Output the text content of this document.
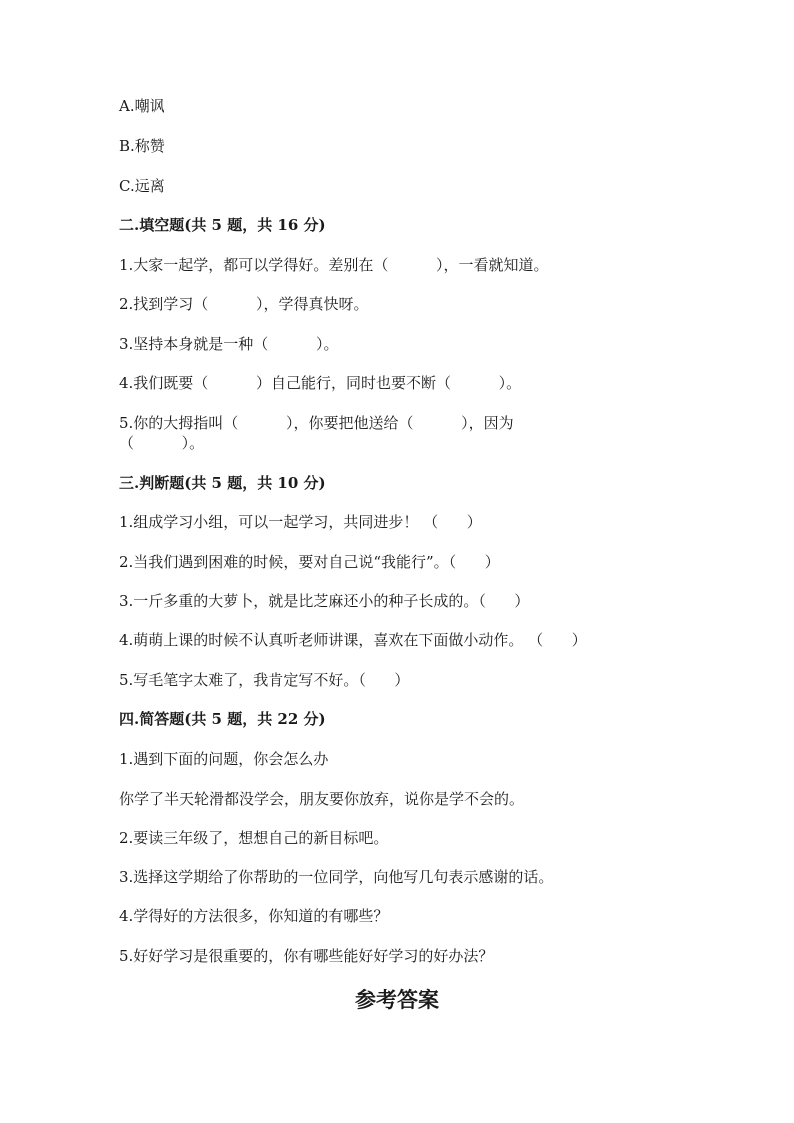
A.嘲讽
B.称赞
C.远离
二.填空题(共 5 题，共 16 分)
1.大家一起学，都可以学得好。差别在（          ），一看就知道。
2.找到学习（          ），学得真快呀。
3.坚持本身就是一种（          ）。
4.我们既要（          ）自己能行，同时也要不断（          ）。
5.你的大拇指叫（          ），你要把他送给（          ），因为
（          ）。
三.判断题(共 5 题，共 10 分)
1.组成学习小组，可以一起学习，共同进步！ （      ）
2.当我们遇到困难的时候，要对自己说“我能行”。（      ）
3.一斤多重的大萝卜，就是比芝麻还小的种子长成的。（      ）
4.萌萌上课的时候不认真听老师讲课，喜欢在下面做小动作。 （      ）
5.写毛笔字太难了，我肯定写不好。（      ）
四.简答题(共 5 题，共 22 分)
1.遇到下面的问题，你会怎么办
你学了半天轮滑都没学会，朋友要你放弃，说你是学不会的。
2.要读三年级了，想想自己的新目标吧。
3.选择这学期给了你帮助的一位同学，向他写几句表示感谢的话。
4.学得好的方法很多，你知道的有哪些？
5.好好学习是很重要的，你有哪些能好好学习的好办法？
参考答案
